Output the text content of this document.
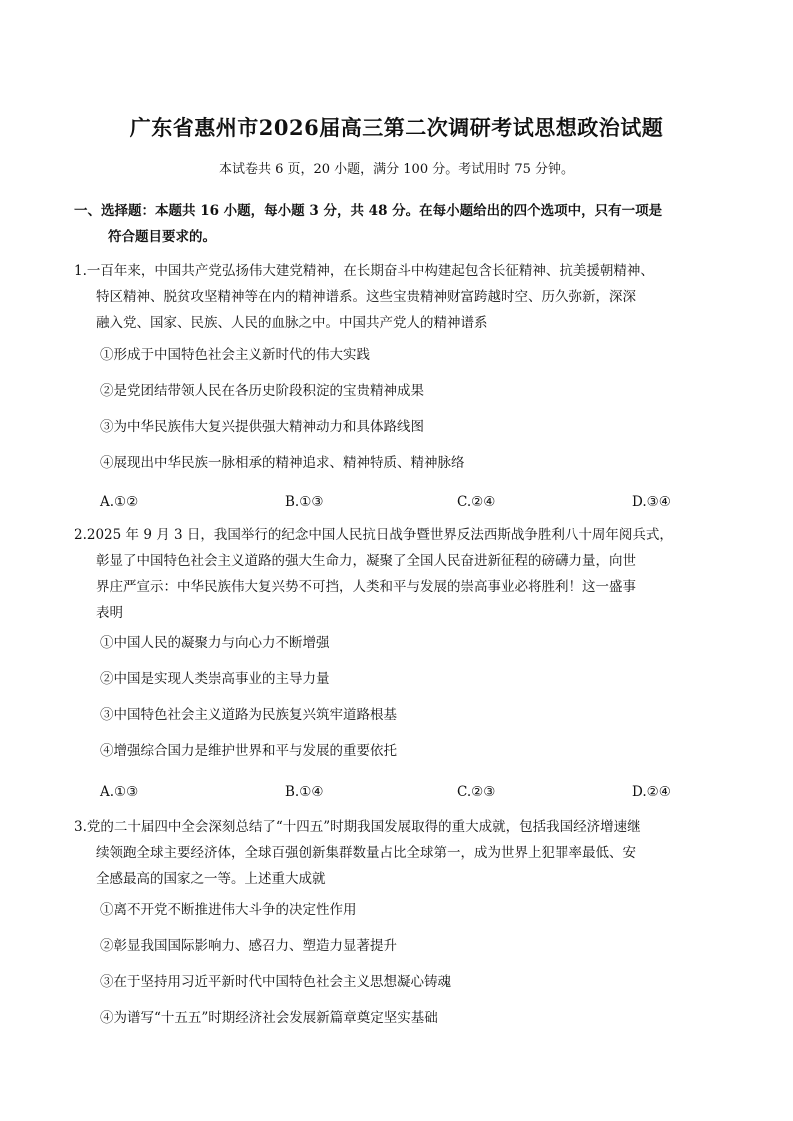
广东省惠州市2026届高三第二次调研考试思想政治试题
本试卷共 6 页，20 小题，满分 100 分。考试用时 75 分钟。
一、选择题：本题共 16 小题，每小题 3 分，共 48 分。在每小题给出的四个选项中，只有一项是
符合题目要求的。
1.一百年来，中国共产党弘扬伟大建党精神，在长期奋斗中构建起包含长征精神、抗美援朝精神、
特区精神、脱贫攻坚精神等在内的精神谱系。这些宝贵精神财富跨越时空、历久弥新，深深
融入党、国家、民族、人民的血脉之中。中国共产党人的精神谱系
①形成于中国特色社会主义新时代的伟大实践
②是党团结带领人民在各历史阶段积淀的宝贵精神成果
③为中华民族伟大复兴提供强大精神动力和具体路线图
④展现出中华民族一脉相承的精神追求、精神特质、精神脉络
A.①②	B.①③	C.②④	D.③④
2.2025 年 9 月 3 日，我国举行的纪念中国人民抗日战争暨世界反法西斯战争胜利八十周年阅兵式，
彰显了中国特色社会主义道路的强大生命力，凝聚了全国人民奋进新征程的磅礴力量，向世
界庄严宣示：中华民族伟大复兴势不可挡，人类和平与发展的崇高事业必将胜利！这一盛事
表明
①中国人民的凝聚力与向心力不断增强
②中国是实现人类崇高事业的主导力量
③中国特色社会主义道路为民族复兴筑牢道路根基
④增强综合国力是维护世界和平与发展的重要依托
A.①③	B.①④	C.②③	D.②④
3.党的二十届四中全会深刻总结了“十四五”时期我国发展取得的重大成就，包括我国经济增速继
续领跑全球主要经济体，全球百强创新集群数量占比全球第一，成为世界上犯罪率最低、安
全感最高的国家之一等。上述重大成就
①离不开党不断推进伟大斗争的决定性作用
②彰显我国国际影响力、感召力、塑造力显著提升
③在于坚持用习近平新时代中国特色社会主义思想凝心铸魂
④为谱写“十五五”时期经济社会发展新篇章奠定坚实基础
